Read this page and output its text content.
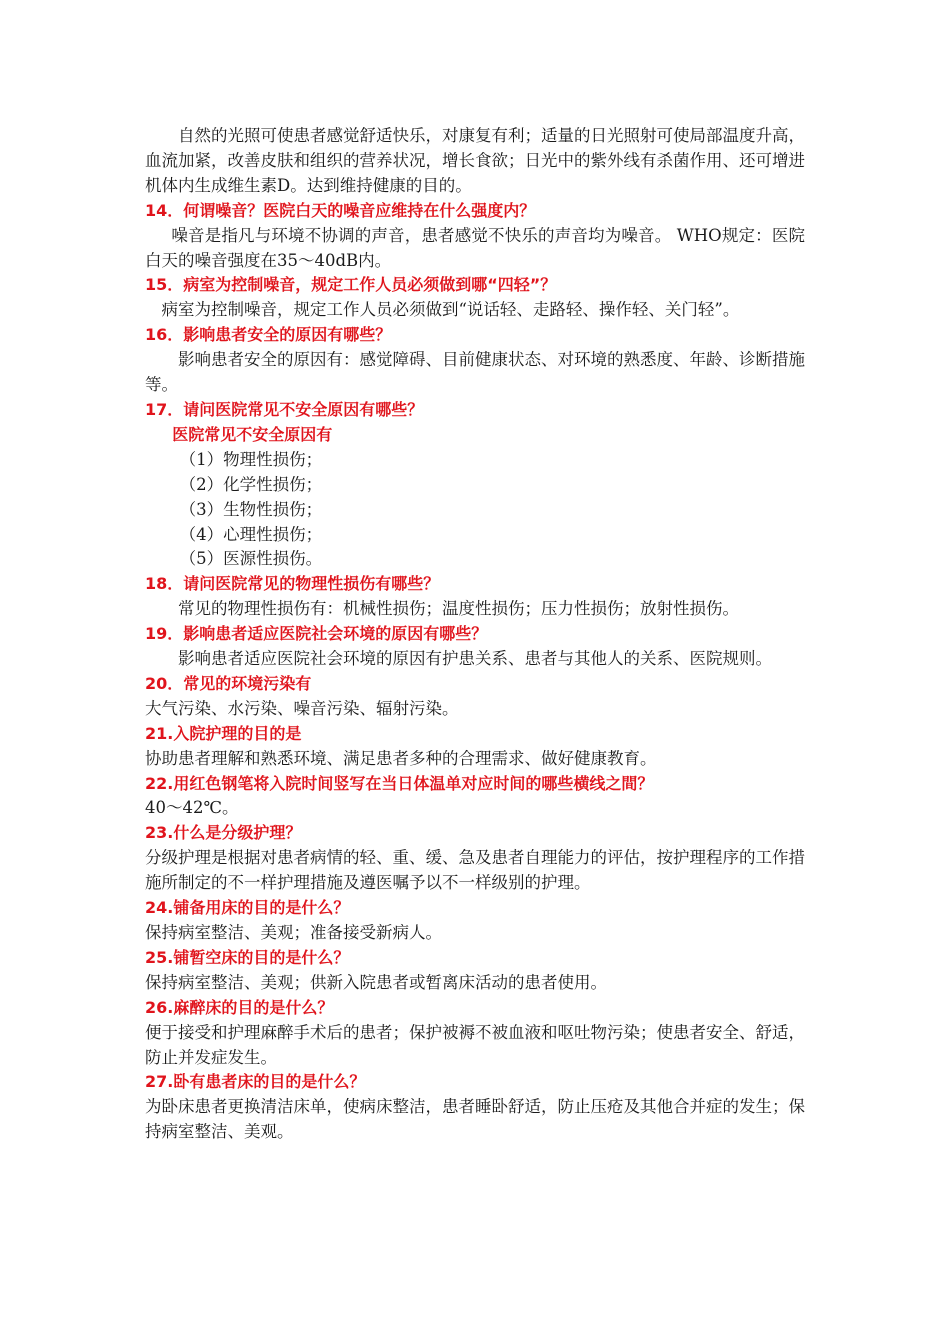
自然的光照可使患者感觉舒适快乐，对康复有利；适量的日光照射可使局部温度升高，血流加紧，改善皮肤和组织的营养状况，增长食欲；日光中的紫外线有杀菌作用、还可增进机体内生成维生素D。达到维持健康的目的。

14．何谓噪音？医院白天的噪音应维持在什么强度内？

噪音是指凡与环境不协调的声音，患者感觉不快乐的声音均为噪音。 WHO规定：医院白天的噪音强度在35～40dB内。

15．病室为控制噪音，规定工作人员必须做到哪“四轻”？

病室为控制噪音，规定工作人员必须做到“说话轻、走路轻、操作轻、关门轻”。

16．影响患者安全的原因有哪些？

影响患者安全的原因有：感觉障碍、目前健康状态、对环境的熟悉度、年龄、诊断措施等。

17．请问医院常见不安全原因有哪些？

医院常见不安全原因有

（1）物理性损伤；

（2）化学性损伤；

（3）生物性损伤；

（4）心理性损伤；

（5）医源性损伤。

18．请问医院常见的物理性损伤有哪些？

常见的物理性损伤有：机械性损伤；温度性损伤；压力性损伤；放射性损伤。

19．影响患者适应医院社会环境的原因有哪些？

影响患者适应医院社会环境的原因有护患关系、患者与其他人的关系、医院规则。

20．常见的环境污染有

大气污染、水污染、噪音污染、辐射污染。

21.入院护理的目的是

协助患者理解和熟悉环境、满足患者多种的合理需求、做好健康教育。

22.用红色钢笔将入院时间竖写在当日体温单对应时间的哪些横线之間？

40～42℃。

23.什么是分级护理？

分级护理是根据对患者病情的轻、重、缓、急及患者自理能力的评估，按护理程序的工作措施所制定的不一样护理措施及遵医嘱予以不一样级别的护理。

24.铺备用床的目的是什么？

保持病室整洁、美观；准备接受新病人。

25.铺暂空床的目的是什么？

保持病室整洁、美观；供新入院患者或暂离床活动的患者使用。

26.麻醉床的目的是什么？

便于接受和护理麻醉手术后的患者；保护被褥不被血液和呕吐物污染；使患者安全、舒适，防止并发症发生。

27.卧有患者床的目的是什么？

为卧床患者更换清洁床单，使病床整洁，患者睡卧舒适，防止压疮及其他合并症的发生；保持病室整洁、美观。
